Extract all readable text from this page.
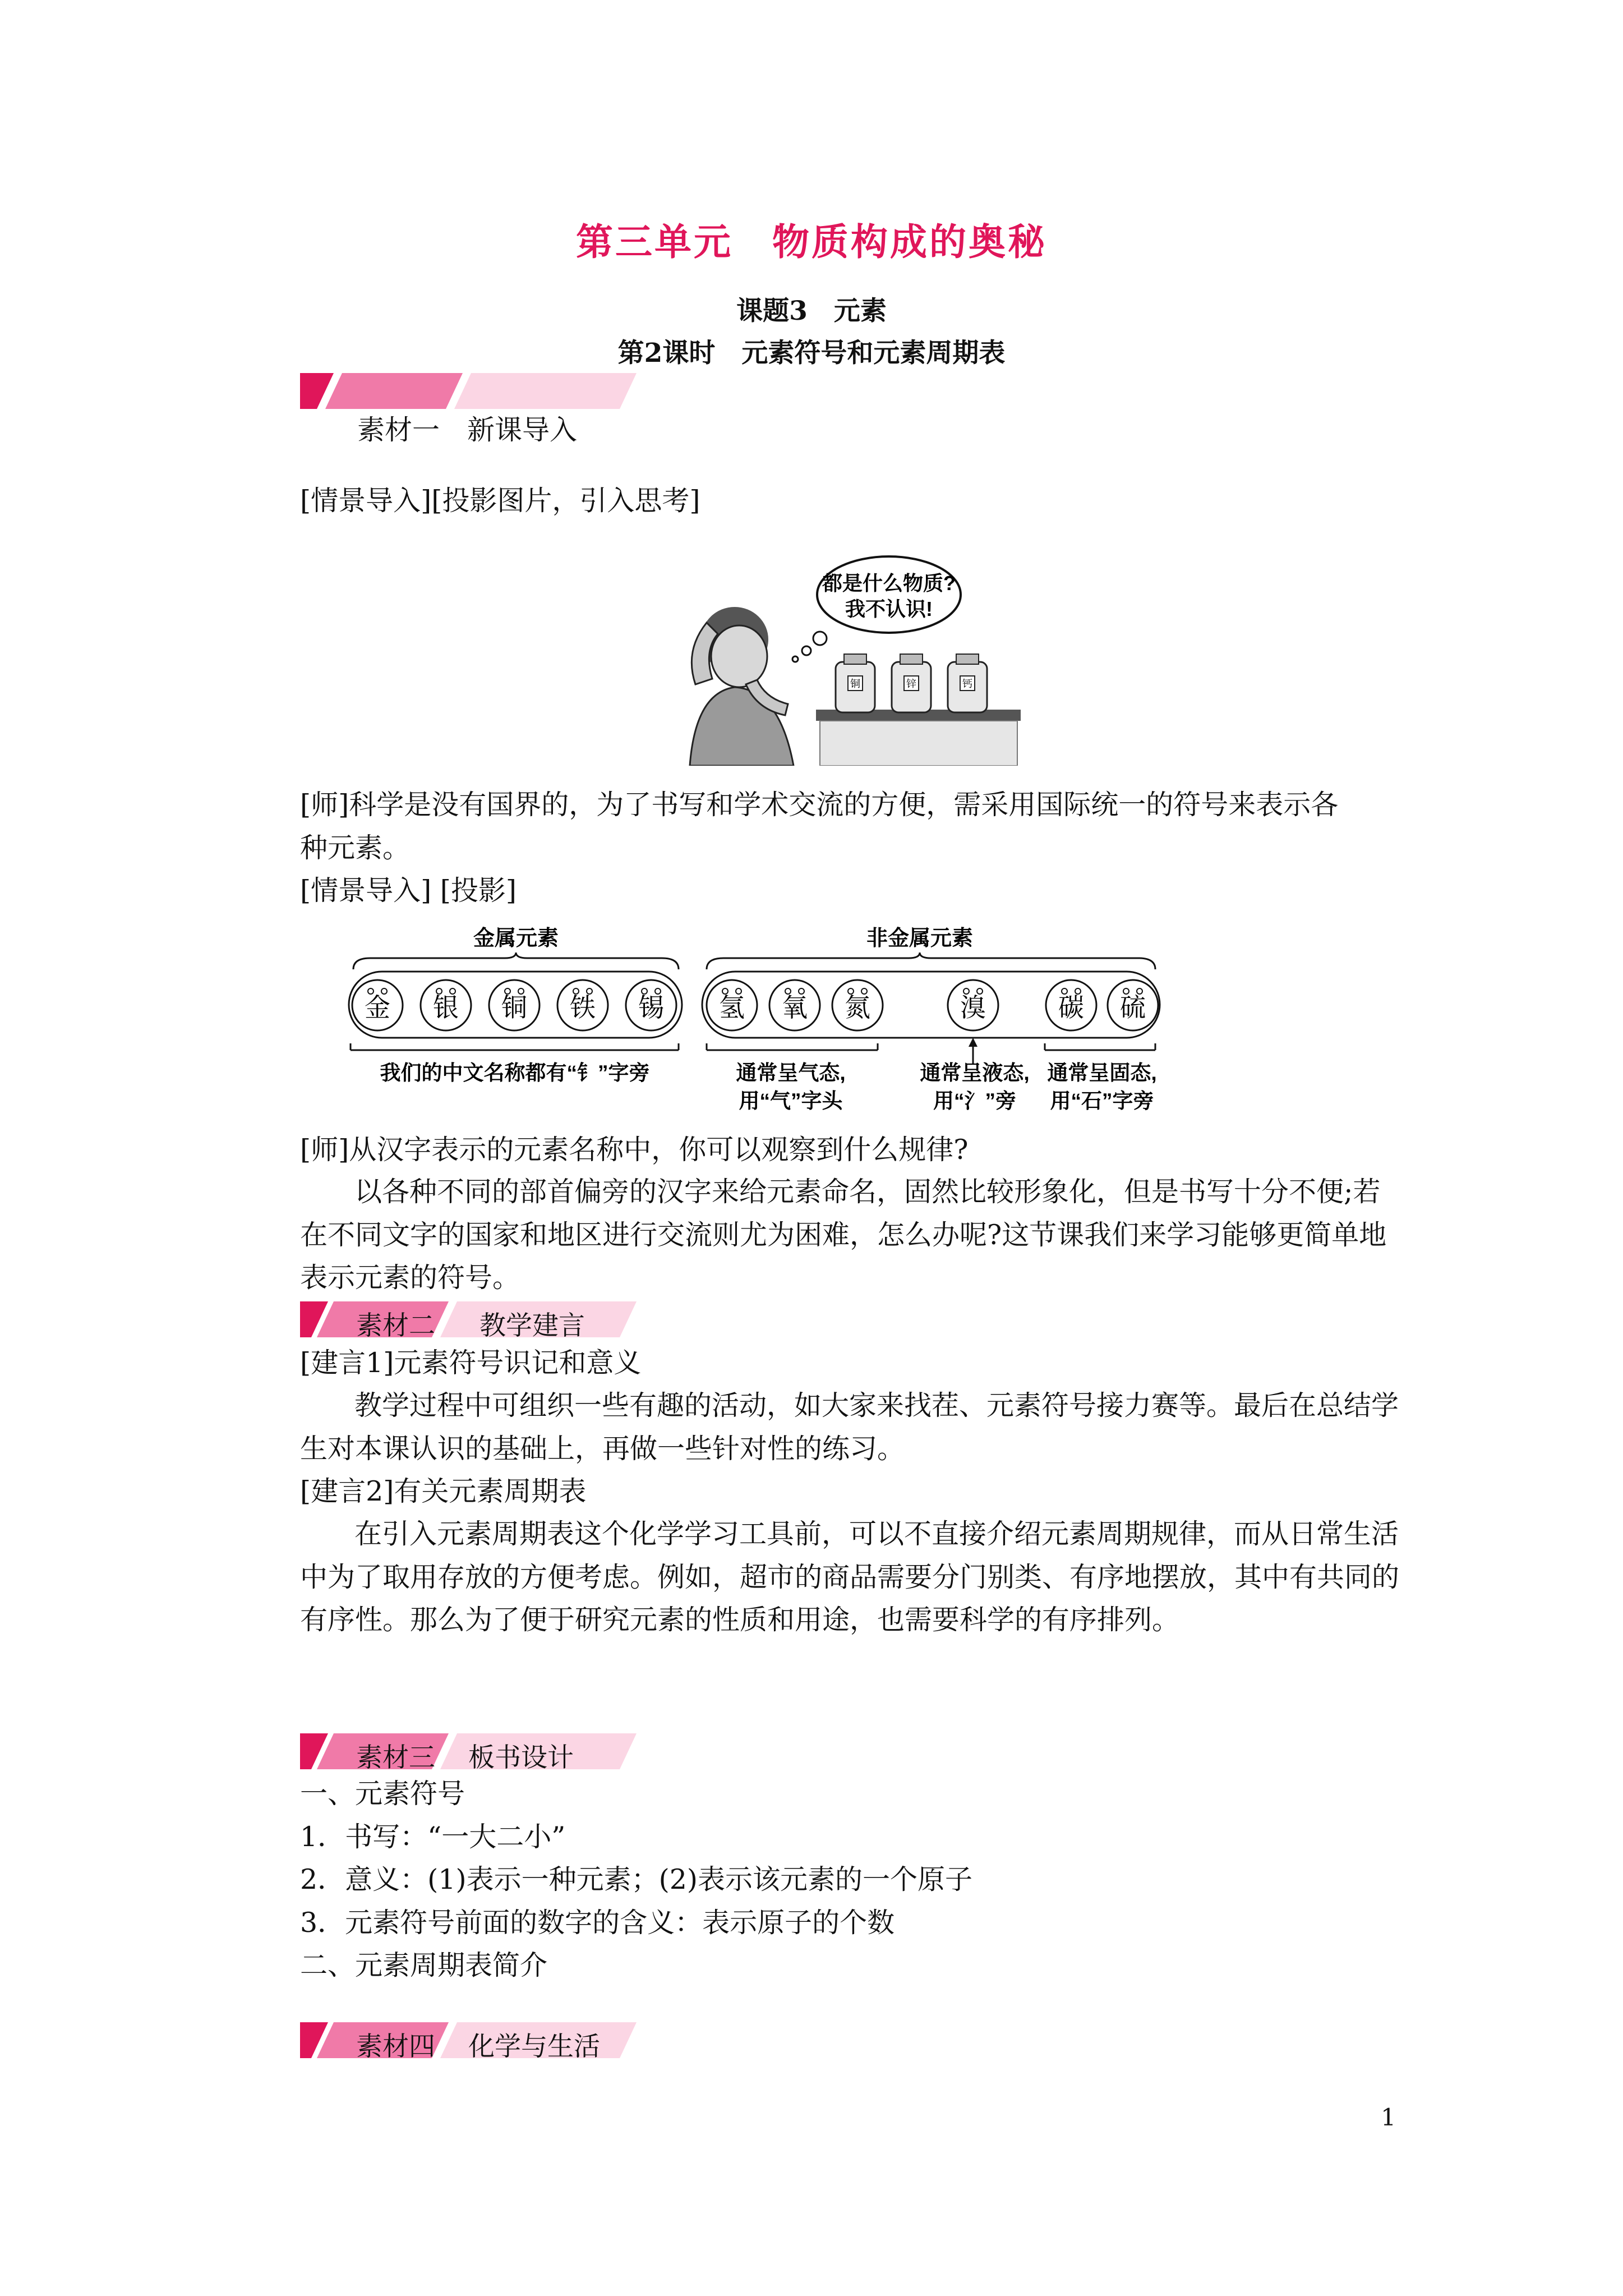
第三单元　物质构成的奥秘
课题3　元素
第2课时　元素符号和元素周期表
素材一　新课导入
[情景导入][投影图片，引入思考]
都是什么物质?
我不认识!
铜	锌	钙
[师]科学是没有国界的，为了书写和学术交流的方便，需采用国际统一的符号来表示各
种元素。
[情景导入] [投影]
金属元素	非金属元素
金 银 铜 铁 锡 氢 氧 氮	溴	碳 硫
我们的中文名称都有“钅”字旁	通常呈气态,
用“气”字头
通常呈液态,
用“氵”旁
通常呈固态,
用“石”字旁
[师]从汉字表示的元素名称中，你可以观察到什么规律?
以各种不同的部首偏旁的汉字来给元素命名，固然比较形象化，但是书写十分不便;若
在不同文字的国家和地区进行交流则尤为困难，怎么办呢?这节课我们来学习能够更简单地
表示元素的符号。
素材二 教学建言
[建言1]元素符号识记和意义
教学过程中可组织一些有趣的活动，如大家来找茬、元素符号接力赛等。最后在总结学
生对本课认识的基础上，再做一些针对性的练习。
[建言2]有关元素周期表
在引入元素周期表这个化学学习工具前，可以不直接介绍元素周期规律，而从日常生活
中为了取用存放的方便考虑。例如，超市的商品需要分门别类、有序地摆放，其中有共同的
有序性。那么为了便于研究元素的性质和用途，也需要科学的有序排列。
素材三 板书设计
一、元素符号
1．书写：“一大二小”
2．意义：(1)表示一种元素；(2)表示该元素的一个原子
3．元素符号前面的数字的含义：表示原子的个数
二、元素周期表简介
素材四 化学与生活
1
